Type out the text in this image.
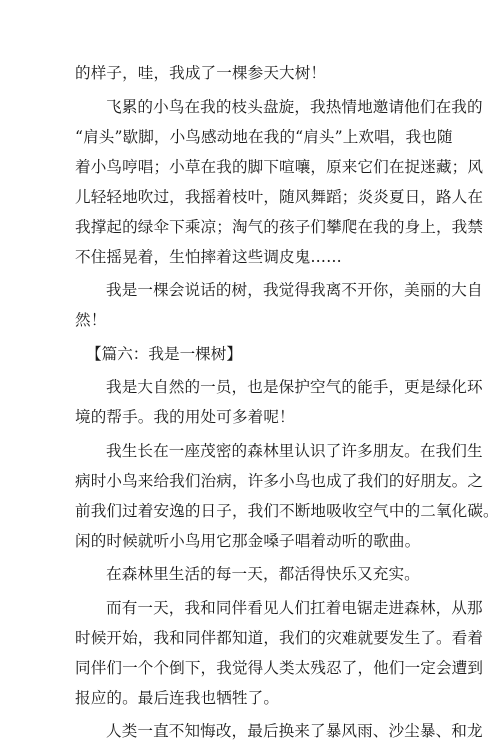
的样子，哇，我成了一棵参天大树！
飞累的小鸟在我的枝头盘旋，我热情地邀请他们在我的
“肩头”歇脚，小鸟感动地在我的“肩头”上欢唱，我也随
着小鸟哼唱；小草在我的脚下喧嚷，原来它们在捉迷藏；风
儿轻轻地吹过，我摇着枝叶，随风舞蹈；炎炎夏日，路人在
我撑起的绿伞下乘凉；淘气的孩子们攀爬在我的身上，我禁
不住摇晃着，生怕摔着这些调皮鬼……
我是一棵会说话的树，我觉得我离不开你，美丽的大自
然！
【篇六：我是一棵树】
我是大自然的一员，也是保护空气的能手，更是绿化环
境的帮手。我的用处可多着呢！
我生长在一座茂密的森林里认识了许多朋友。在我们生
病时小鸟来给我们治病，许多小鸟也成了我们的好朋友。之
前我们过着安逸的日子，我们不断地吸收空气中的二氧化碳。
闲的时候就听小鸟用它那金嗓子唱着动听的歌曲。
在森林里生活的每一天，都活得快乐又充实。
而有一天，我和同伴看见人们扛着电锯走进森林，从那
时候开始，我和同伴都知道，我们的灾难就要发生了。看着
同伴们一个个倒下，我觉得人类太残忍了，他们一定会遭到
报应的。最后连我也牺牲了。
人类一直不知悔改，最后换来了暴风雨、沙尘暴、和龙
